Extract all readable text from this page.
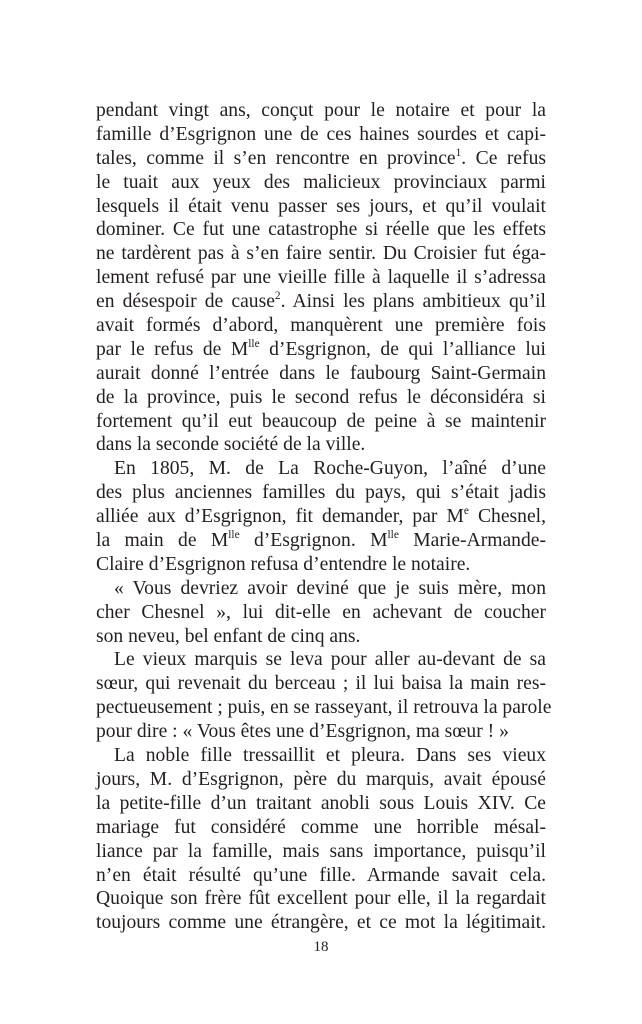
pendant vingt ans, conçut pour le notaire et pour la
famille d’Esgrignon une de ces haines sourdes et capi-
tales, comme il s’en rencontre en province$^1$. Ce refus
le tuait aux yeux des malicieux provinciaux parmi
lesquels il était venu passer ses jours, et qu’il voulait
dominer. Ce fut une catastrophe si réelle que les effets
ne tardèrent pas à s’en faire sentir. Du Croisier fut éga-
lement refusé par une vieille fille à laquelle il s’adressa
en désespoir de cause$^2$. Ainsi les plans ambitieux qu’il
avait formés d’abord, manquèrent une première fois
par le refus de $M^{lle}$ d’Esgrignon, de qui l’alliance lui
aurait donné l’entrée dans le faubourg Saint-Germain
de la province, puis le second refus le déconsidéra si
fortement qu’il eut beaucoup de peine à se maintenir
dans la seconde société de la ville.
En 1805, M. de La Roche-Guyon, l’aîné d’une
des plus anciennes familles du pays, qui s’était jadis
alliée aux d’Esgrignon, fit demander, par Me Chesnel,
la main de $M^{lle}$ d’Esgrignon. $M^{lle}$ Marie-Armande-
Claire d’Esgrignon refusa d’entendre le notaire.
« Vous devriez avoir deviné que je suis mère, mon
cher Chesnel », lui dit-elle en achevant de coucher
son neveu, bel enfant de cinq ans.
Le vieux marquis se leva pour aller au-devant de sa
sœur, qui revenait du berceau ; il lui baisa la main res-
pectueusement ; puis, en se rasseyant, il retrouva la parole
pour dire : « Vous êtes une d’Esgrignon, ma sœur ! »
La noble fille tressaillit et pleura. Dans ses vieux
jours, M. d’Esgrignon, père du marquis, avait épousé
la petite-fille d’un traitant anobli sous Louis XIV. Ce
mariage fut considéré comme une horrible mésal-
liance par la famille, mais sans importance, puisqu’il
n’en était résulté qu’une fille. Armande savait cela.
Quoique son frère fût excellent pour elle, il la regardait
toujours comme une étrangère, et ce mot la légitimait.
18
